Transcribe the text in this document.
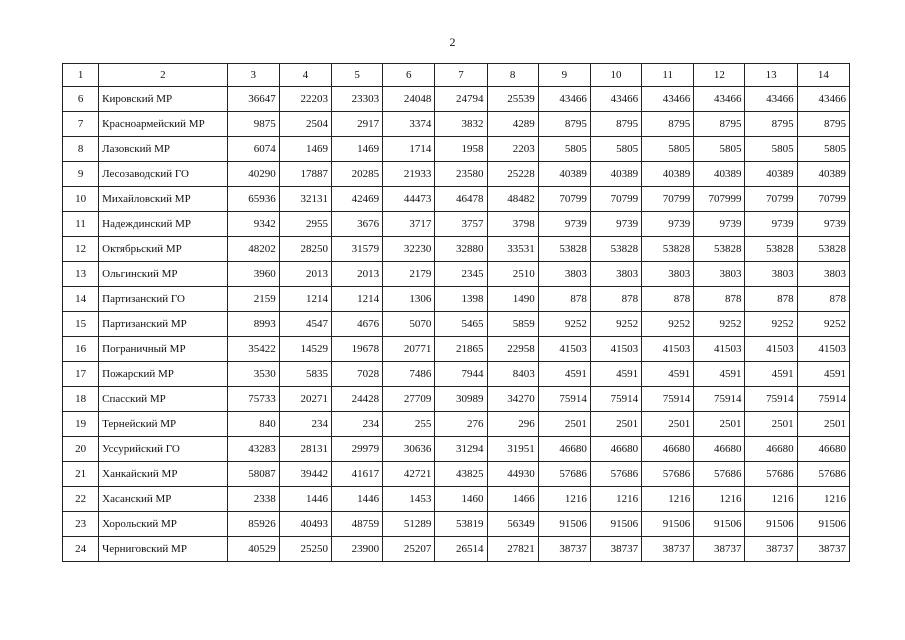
2
1	2	3	4	5	6	7	8	9	10	11	12	13	14
6	Кировский МР	36647	22203	23303	24048	24794	25539	43466	43466	43466	43466	43466	43466
7	Красноармейский МР	9875	2504	2917	3374	3832	4289	8795	8795	8795	8795	8795	8795
8	Лазовский МР	6074	1469	1469	1714	1958	2203	5805	5805	5805	5805	5805	5805
9	Лесозаводский ГО	40290	17887	20285	21933	23580	25228	40389	40389	40389	40389	40389	40389
10	Михайловский МР	65936	32131	42469	44473	46478	48482	70799	70799	70799	707999	70799	70799
11	Надеждинский МР	9342	2955	3676	3717	3757	3798	9739	9739	9739	9739	9739	9739
12	Октябрьский МР	48202	28250	31579	32230	32880	33531	53828	53828	53828	53828	53828	53828
13	Ольгинский МР	3960	2013	2013	2179	2345	2510	3803	3803	3803	3803	3803	3803
14	Партизанский ГО	2159	1214	1214	1306	1398	1490	878	878	878	878	878	878
15	Партизанский МР	8993	4547	4676	5070	5465	5859	9252	9252	9252	9252	9252	9252
16	Пограничный МР	35422	14529	19678	20771	21865	22958	41503	41503	41503	41503	41503	41503
17	Пожарский МР	3530	5835	7028	7486	7944	8403	4591	4591	4591	4591	4591	4591
18	Спасский МР	75733	20271	24428	27709	30989	34270	75914	75914	75914	75914	75914	75914
19	Тернейский МР	840	234	234	255	276	296	2501	2501	2501	2501	2501	2501
20	Уссурийский ГО	43283	28131	29979	30636	31294	31951	46680	46680	46680	46680	46680	46680
21	Ханкайский МР	58087	39442	41617	42721	43825	44930	57686	57686	57686	57686	57686	57686
22	Хасанский МР	2338	1446	1446	1453	1460	1466	1216	1216	1216	1216	1216	1216
23	Хорольский МР	85926	40493	48759	51289	53819	56349	91506	91506	91506	91506	91506	91506
24	Черниговский МР	40529	25250	23900	25207	26514	27821	38737	38737	38737	38737	38737	38737
